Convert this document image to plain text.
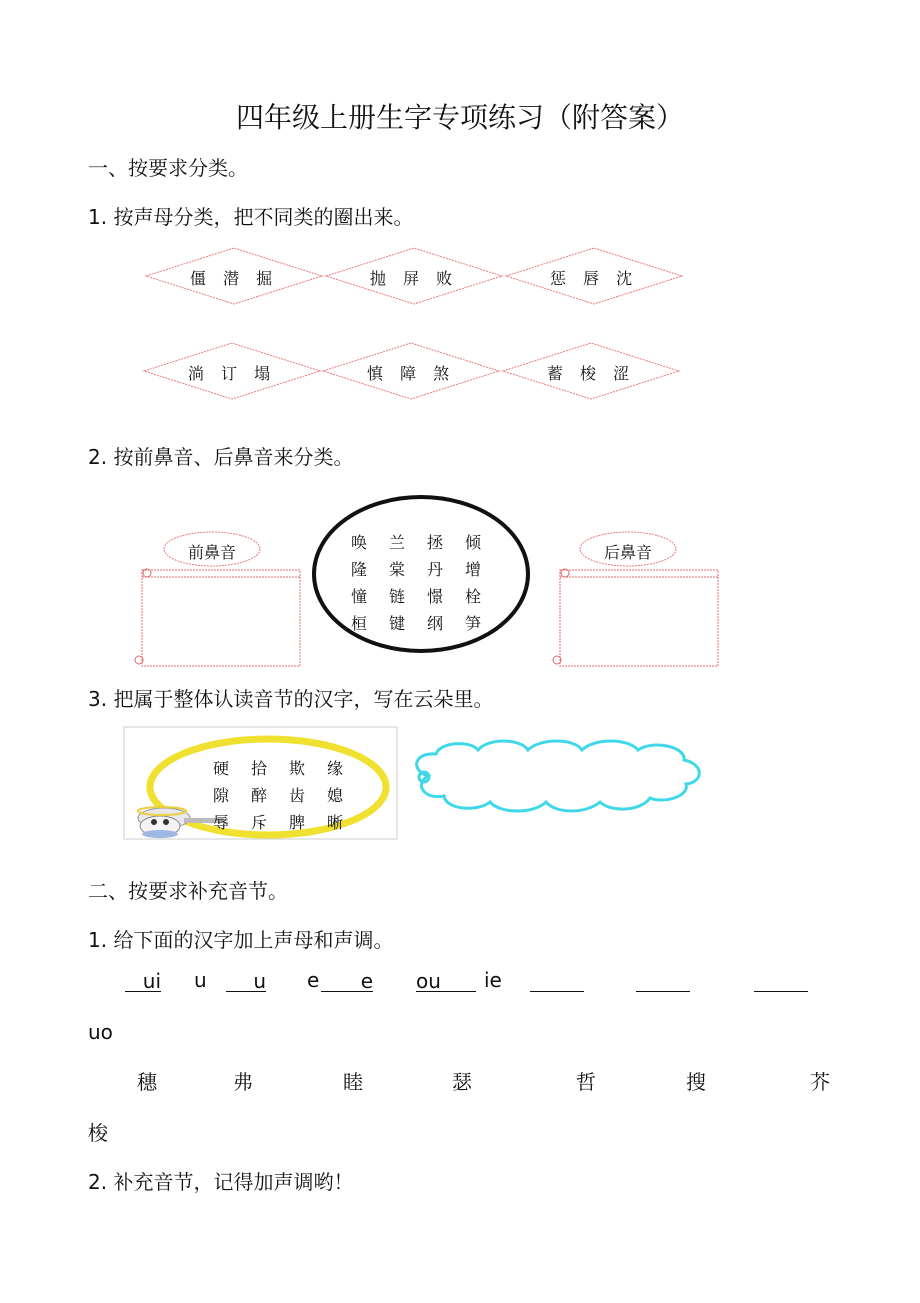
四年级上册生字专项练习（附答案）
一、按要求分类。
1. 按声母分类，把不同类的圈出来。
僵 潜 掘	抛 屏 败	惩 唇 沈
淌 订 塌	慎 障 煞	蓄 梭 涩
2. 按前鼻音、后鼻音来分类。
前鼻音	后鼻音
唤	兰	拯	倾
隆	棠	丹	增
憧	链	憬	栓
桓	键	纲	笋
3. 把属于整体认读音节的汉字，写在云朵里。
硬	拾	欺	缘
隙	醉	齿	媳
辱	斥	脾	晰
二、按要求补充音节。
1. 给下面的汉字加上声母和声调。
ui u	u e	e ou	ie
uo
穗	弗	睦	瑟	哲	搜	芥
梭
2. 补充音节，记得加声调哟！
